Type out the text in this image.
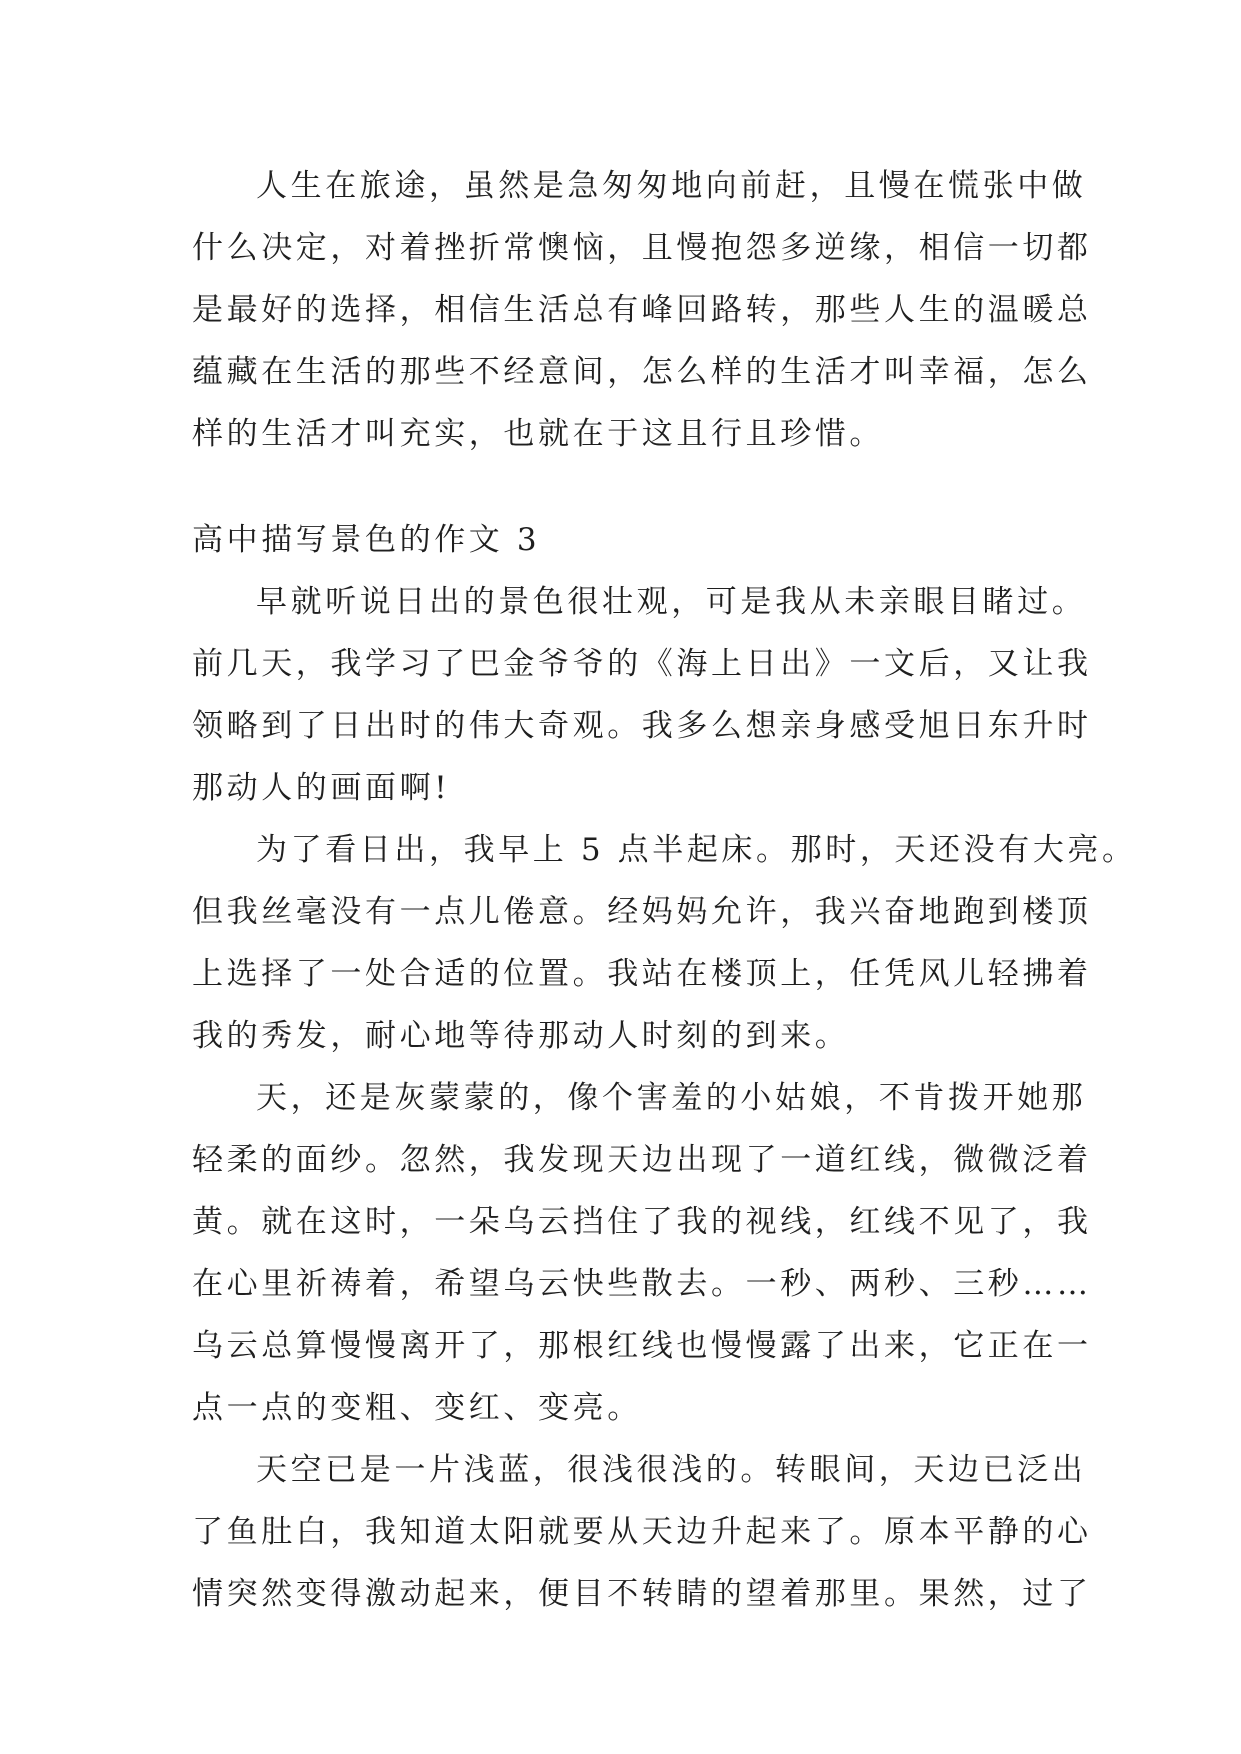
人生在旅途，虽然是急匆匆地向前赶，且慢在慌张中做
什么决定，对着挫折常懊恼，且慢抱怨多逆缘，相信一切都
是最好的选择，相信生活总有峰回路转，那些人生的温暖总
蕴藏在生活的那些不经意间，怎么样的生活才叫幸福，怎么
样的生活才叫充实，也就在于这且行且珍惜。
高中描写景色的作文 3
早就听说日出的景色很壮观，可是我从未亲眼目睹过。
前几天，我学习了巴金爷爷的《海上日出》一文后，又让我
领略到了日出时的伟大奇观。我多么想亲身感受旭日东升时
那动人的画面啊!
为了看日出，我早上 5 点半起床。那时，天还没有大亮。
但我丝毫没有一点儿倦意。经妈妈允许，我兴奋地跑到楼顶
上选择了一处合适的位置。我站在楼顶上，任凭风儿轻拂着
我的秀发，耐心地等待那动人时刻的到来。
天，还是灰蒙蒙的，像个害羞的小姑娘，不肯拨开她那
轻柔的面纱。忽然，我发现天边出现了一道红线，微微泛着
黄。就在这时，一朵乌云挡住了我的视线，红线不见了，我
在心里祈祷着，希望乌云快些散去。一秒、两秒、三秒……
乌云总算慢慢离开了，那根红线也慢慢露了出来，它正在一
点一点的变粗、变红、变亮。
天空已是一片浅蓝，很浅很浅的。转眼间，天边已泛出
了鱼肚白，我知道太阳就要从天边升起来了。原本平静的心
情突然变得激动起来，便目不转睛的望着那里。果然，过了
